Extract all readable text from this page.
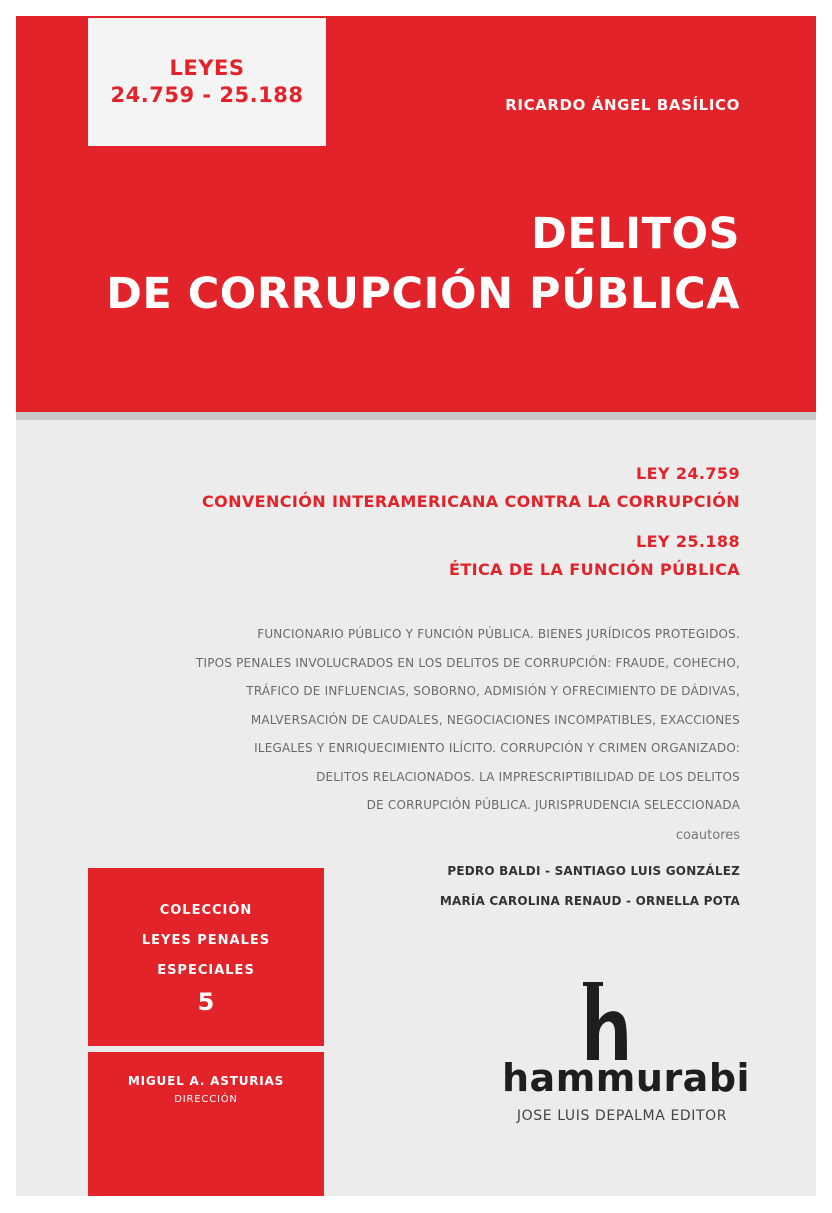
LEYES
24.759 - 25.188	RICARDO ÁNGEL BASÍLICO
DELITOS
DE CORRUPCIÓN PÚBLICA
LEY 24.759
CONVENCIÓN INTERAMERICANA CONTRA LA CORRUPCIÓN
LEY 25.188
ÉTICA DE LA FUNCIÓN PÚBLICA
FUNCIONARIO PÚBLICO Y FUNCIÓN PÚBLICA. BIENES JURÍDICOS PROTEGIDOS.
TIPOS PENALES INVOLUCRADOS EN LOS DELITOS DE CORRUPCIÓN: FRAUDE, COHECHO,
TRÁFICO DE INFLUENCIAS, SOBORNO, ADMISIÓN Y OFRECIMIENTO DE DÁDIVAS,
MALVERSACIÓN DE CAUDALES, NEGOCIACIONES INCOMPATIBLES, EXACCIONES
ILEGALES Y ENRIQUECIMIENTO ILÍCITO. CORRUPCIÓN Y CRIMEN ORGANIZADO:
DELITOS RELACIONADOS. LA IMPRESCRIPTIBILIDAD DE LOS DELITOS
DE CORRUPCIÓN PÚBLICA. JURISPRUDENCIA SELECCIONADA
coautores
PEDRO BALDI - SANTIAGO LUIS GONZÁLEZ
MARÍA CAROLINA RENAUD - ORNELLA POTA
COLECCIÓN
LEYES PENALES
ESPECIALES
5
MIGUEL A. ASTURIAS
DIRECCIÓN	hammurabi
JOSE LUIS DEPALMA EDITOR
